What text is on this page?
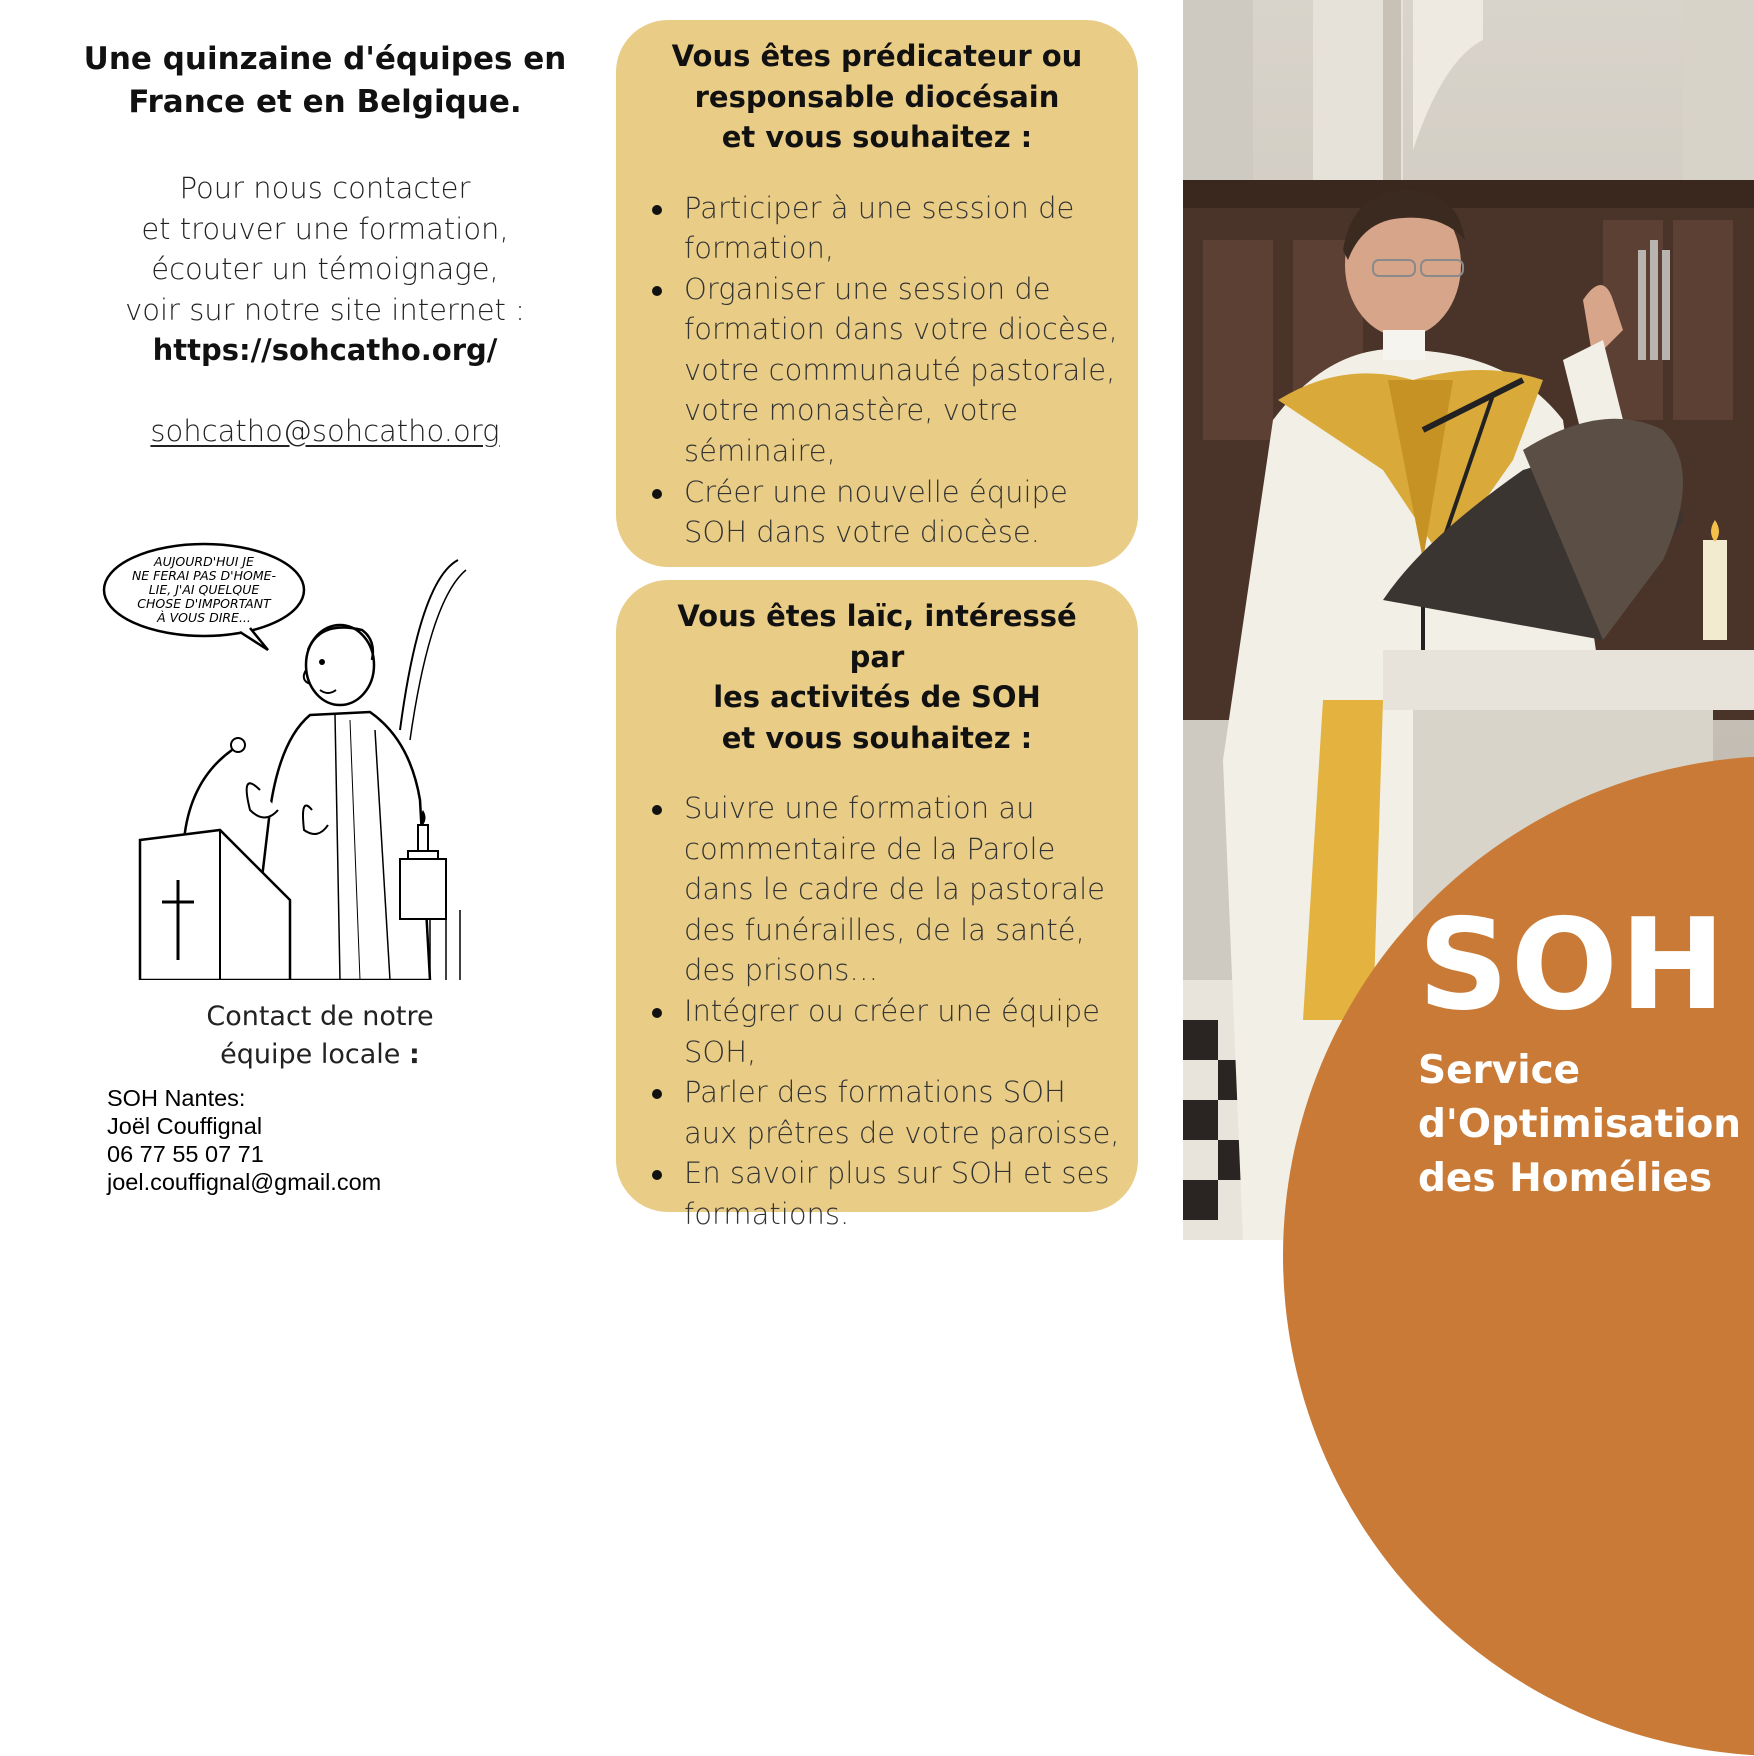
Une quinzaine d'équipes en
France et en Belgique.
Pour nous contacter
et trouver une formation,
écouter un témoignage,
voir sur notre site internet :
https://sohcatho.org/
sohcatho@sohcatho.org
AUJOURD'HUI JE
NE FERAI PAS D'HOME-
LIE, J'AI QUELQUE
CHOSE D'IMPORTANT
À VOUS DIRE...
Contact de notre
équipe locale :
SOH Nantes:
Joël Couffignal
06 77 55 07 71
joel.couffignal@gmail.com
Vous êtes prédicateur ou
responsable diocésain
et vous souhaitez :
Participer à une session de formation,
Organiser une session de formation dans votre diocèse, votre communauté pastorale, votre monastère, votre séminaire,
Créer une nouvelle équipe SOH dans votre diocèse.
Vous êtes laïc, intéressé par
les activités de SOH
et vous souhaitez :
Suivre une formation au commentaire de la Parole dans le cadre de la pastorale des funérailles, de la santé, des prisons…
Intégrer ou créer une équipe SOH,
Parler des formations SOH aux prêtres de votre paroisse,
En savoir plus sur SOH et ses formations.
SOH
Service
d'Optimisation
des Homélies
